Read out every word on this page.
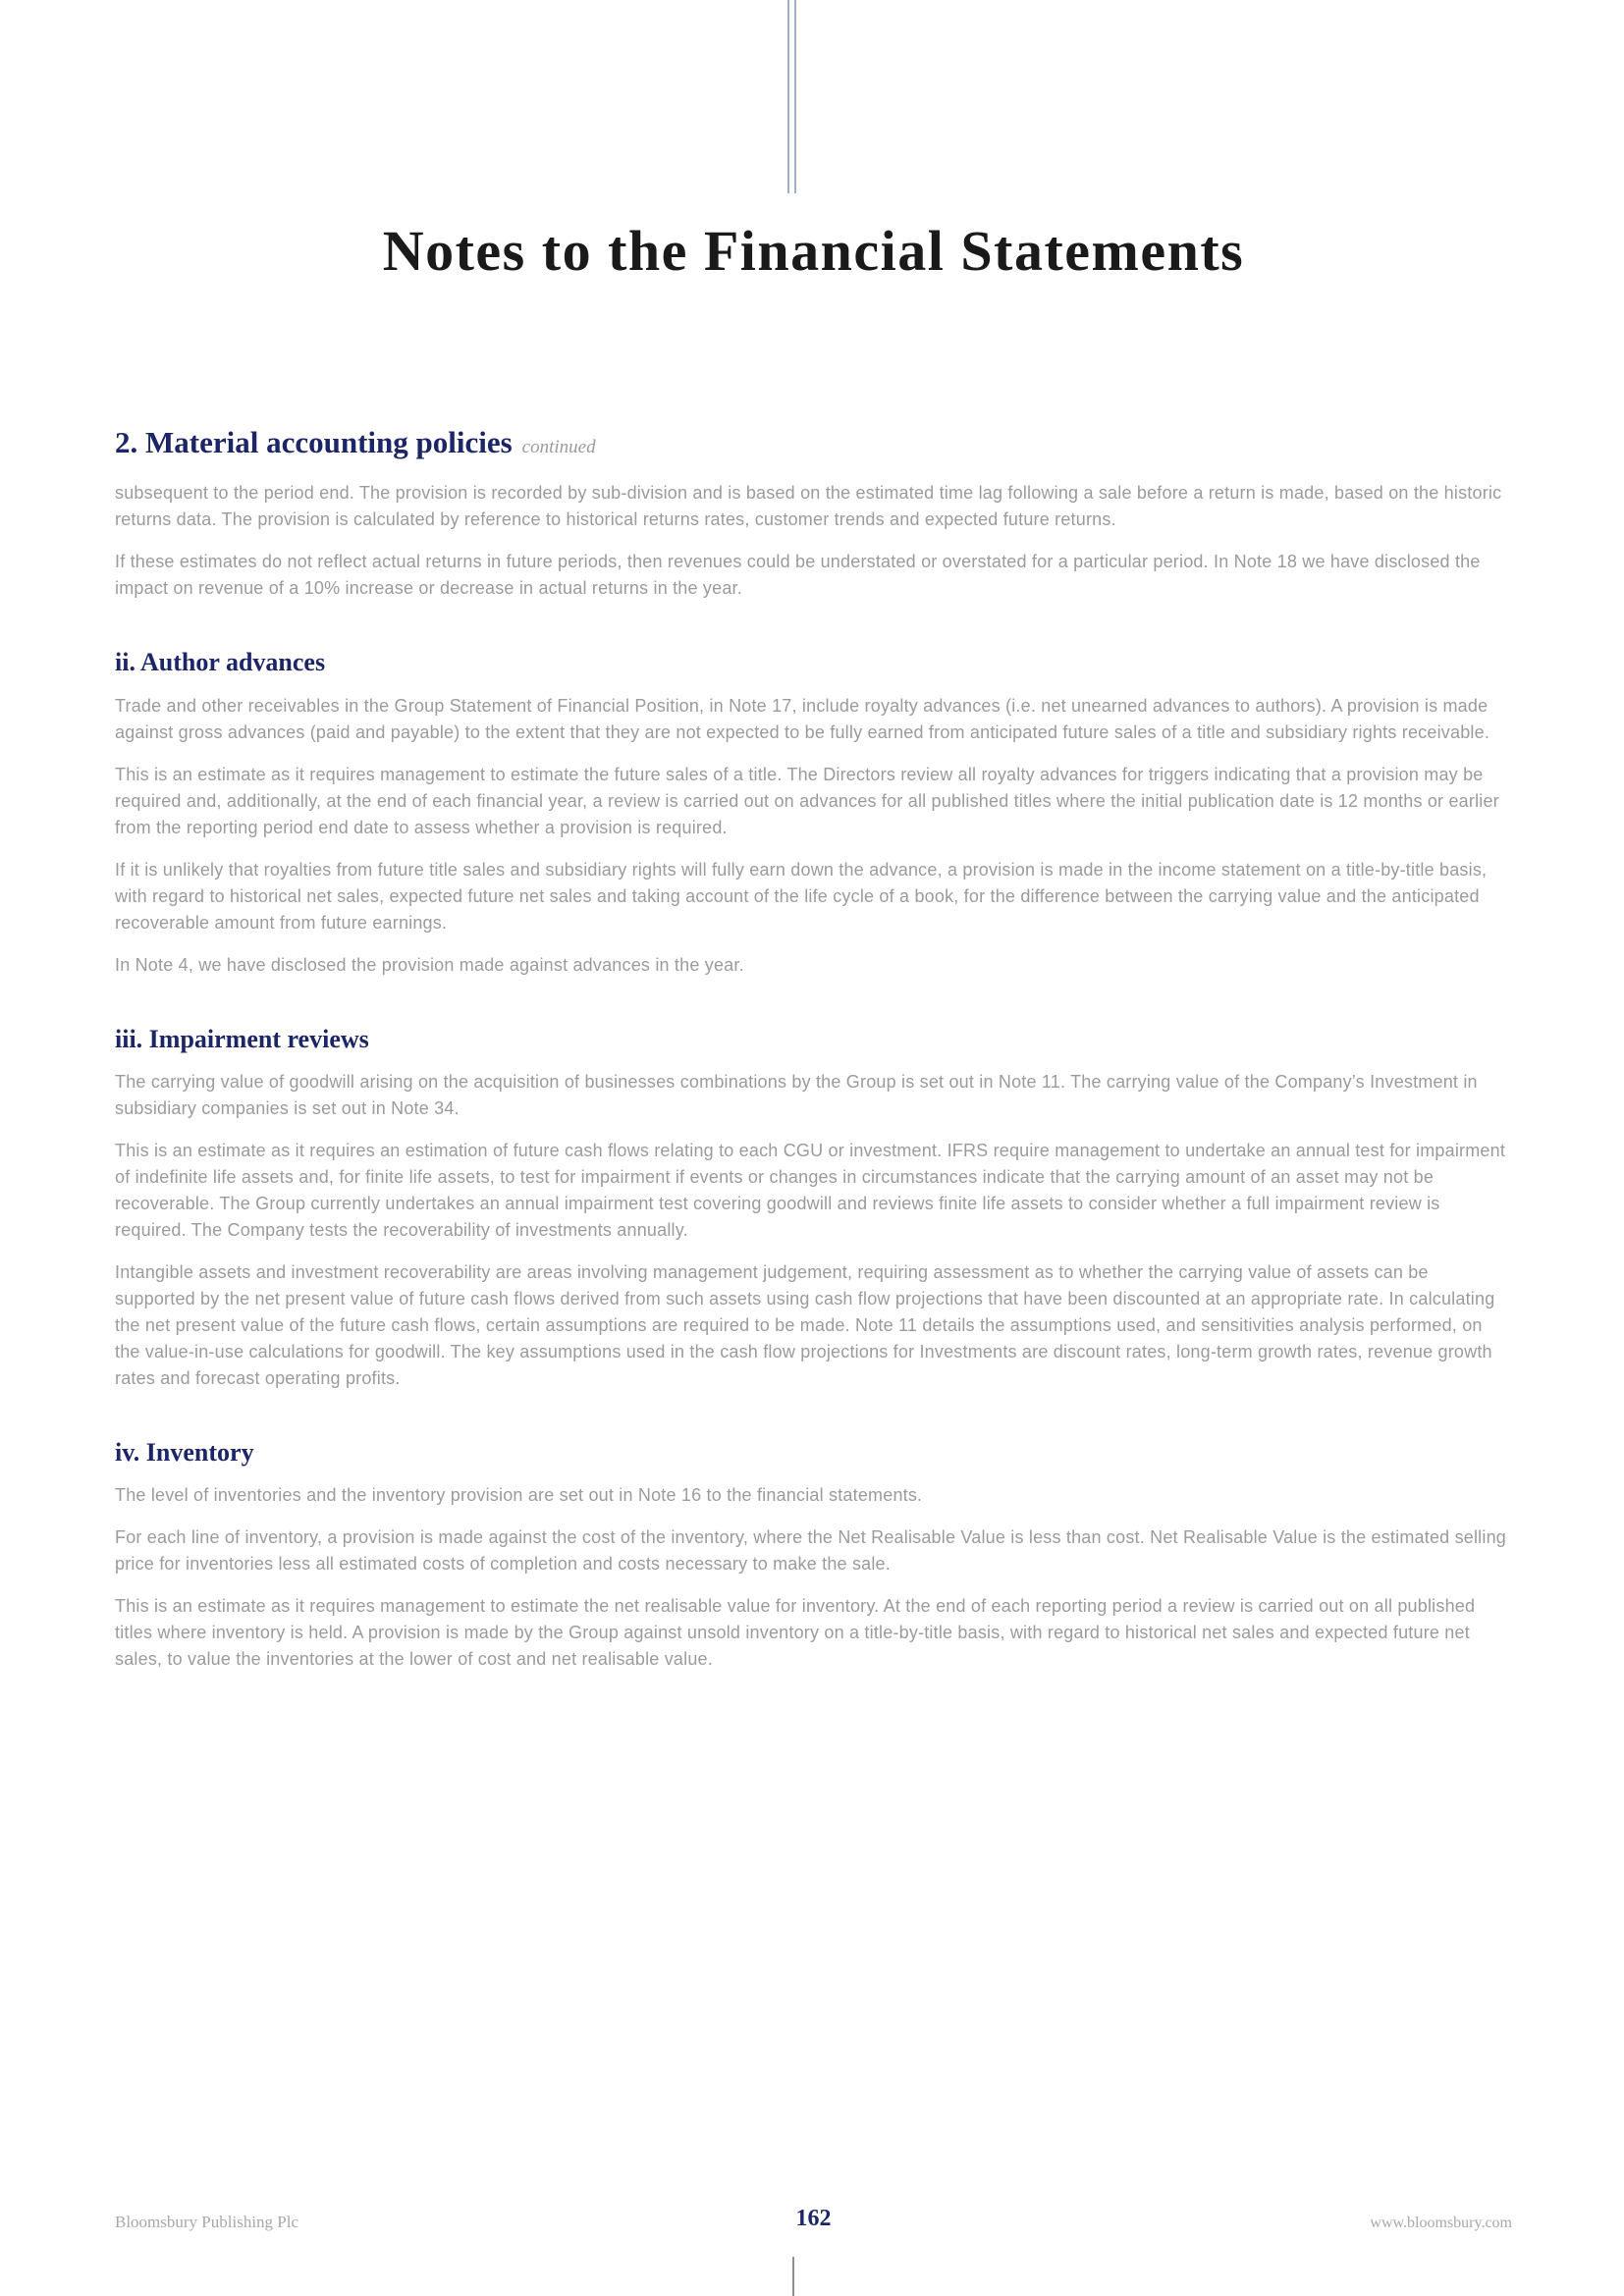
Notes to the Financial Statements
2. Material accounting policies continued

subsequent to the period end. The provision is recorded by sub-division and is based on the estimated time lag following a sale before a return is made, based on the historic returns data. The provision is calculated by reference to historical returns rates, customer trends and expected future returns.

If these estimates do not reflect actual returns in future periods, then revenues could be understated or overstated for a particular period. In Note 18 we have disclosed the impact on revenue of a 10% increase or decrease in actual returns in the year.

ii. Author advances

Trade and other receivables in the Group Statement of Financial Position, in Note 17, include royalty advances (i.e. net unearned advances to authors). A provision is made against gross advances (paid and payable) to the extent that they are not expected to be fully earned from anticipated future sales of a title and subsidiary rights receivable.

This is an estimate as it requires management to estimate the future sales of a title. The Directors review all royalty advances for triggers indicating that a provision may be required and, additionally, at the end of each financial year, a review is carried out on advances for all published titles where the initial publication date is 12 months or earlier from the reporting period end date to assess whether a provision is required.

If it is unlikely that royalties from future title sales and subsidiary rights will fully earn down the advance, a provision is made in the income statement on a title-by-title basis, with regard to historical net sales, expected future net sales and taking account of the life cycle of a book, for the difference between the carrying value and the anticipated recoverable amount from future earnings.

In Note 4, we have disclosed the provision made against advances in the year.

iii. Impairment reviews

The carrying value of goodwill arising on the acquisition of businesses combinations by the Group is set out in Note 11. The carrying value of the Company’s Investment in subsidiary companies is set out in Note 34.

This is an estimate as it requires an estimation of future cash flows relating to each CGU or investment. IFRS require management to undertake an annual test for impairment of indefinite life assets and, for finite life assets, to test for impairment if events or changes in circumstances indicate that the carrying amount of an asset may not be recoverable. The Group currently undertakes an annual impairment test covering goodwill and reviews finite life assets to consider whether a full impairment review is required. The Company tests the recoverability of investments annually.

Intangible assets and investment recoverability are areas involving management judgement, requiring assessment as to whether the carrying value of assets can be supported by the net present value of future cash flows derived from such assets using cash flow projections that have been discounted at an appropriate rate. In calculating the net present value of the future cash flows, certain assumptions are required to be made. Note 11 details the assumptions used, and sensitivities analysis performed, on the value-in-use calculations for goodwill. The key assumptions used in the cash flow projections for Investments are discount rates, long-term growth rates, revenue growth rates and forecast operating profits.

iv. Inventory

The level of inventories and the inventory provision are set out in Note 16 to the financial statements.

For each line of inventory, a provision is made against the cost of the inventory, where the Net Realisable Value is less than cost. Net Realisable Value is the estimated selling price for inventories less all estimated costs of completion and costs necessary to make the sale.

This is an estimate as it requires management to estimate the net realisable value for inventory. At the end of each reporting period a review is carried out on all published titles where inventory is held. A provision is made by the Group against unsold inventory on a title-by-title basis, with regard to historical net sales and expected future net sales, to value the inventories at the lower of cost and net realisable value.

Bloomsbury Publishing Plc	162	www.bloomsbury.com
